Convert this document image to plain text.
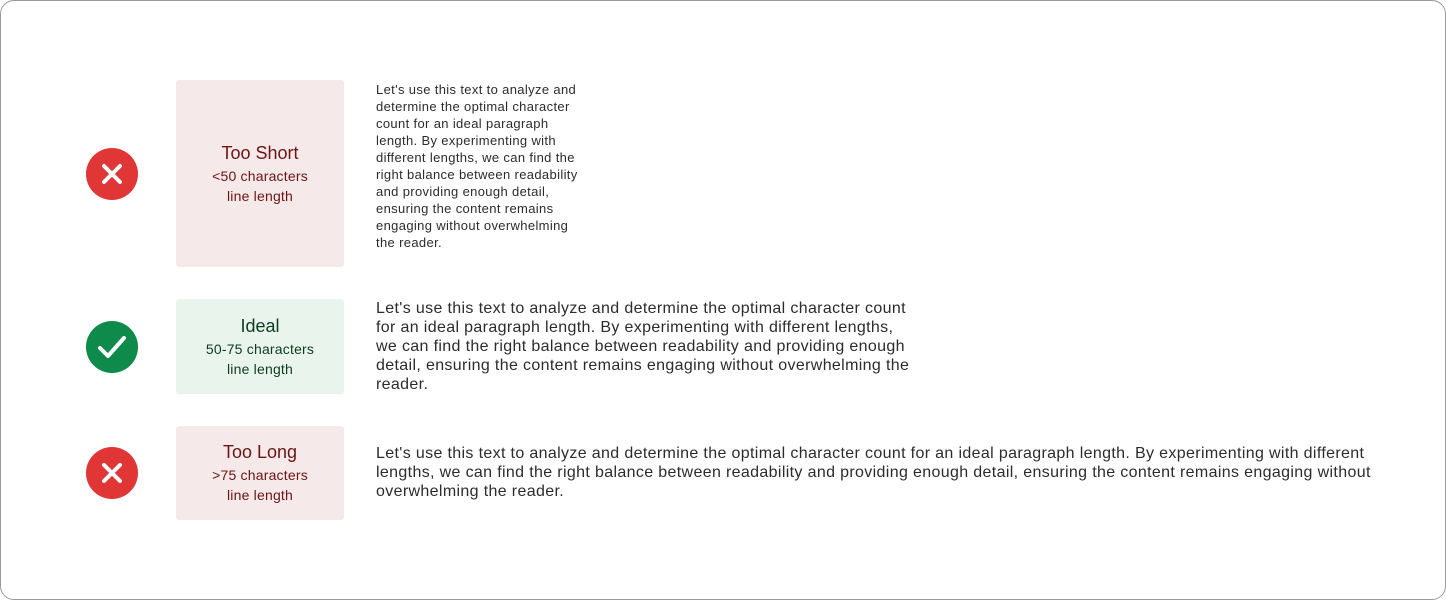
Too Short
<50 characters
line length

Let's use this text to analyze and determine the optimal character count for an ideal paragraph length. By experimenting with different lengths, we can find the right balance between readability and providing enough detail, ensuring the content remains engaging without overwhelming the reader.

Ideal
50-75 characters
line length

Let's use this text to analyze and determine the optimal character count for an ideal paragraph length. By experimenting with different lengths, we can find the right balance between readability and providing enough detail, ensuring the content remains engaging without overwhelming the reader.

Too Long
>75 characters
line length

Let's use this text to analyze and determine the optimal character count for an ideal paragraph length. By experimenting with different lengths, we can find the right balance between readability and providing enough detail, ensuring the content remains engaging without overwhelming the reader.
